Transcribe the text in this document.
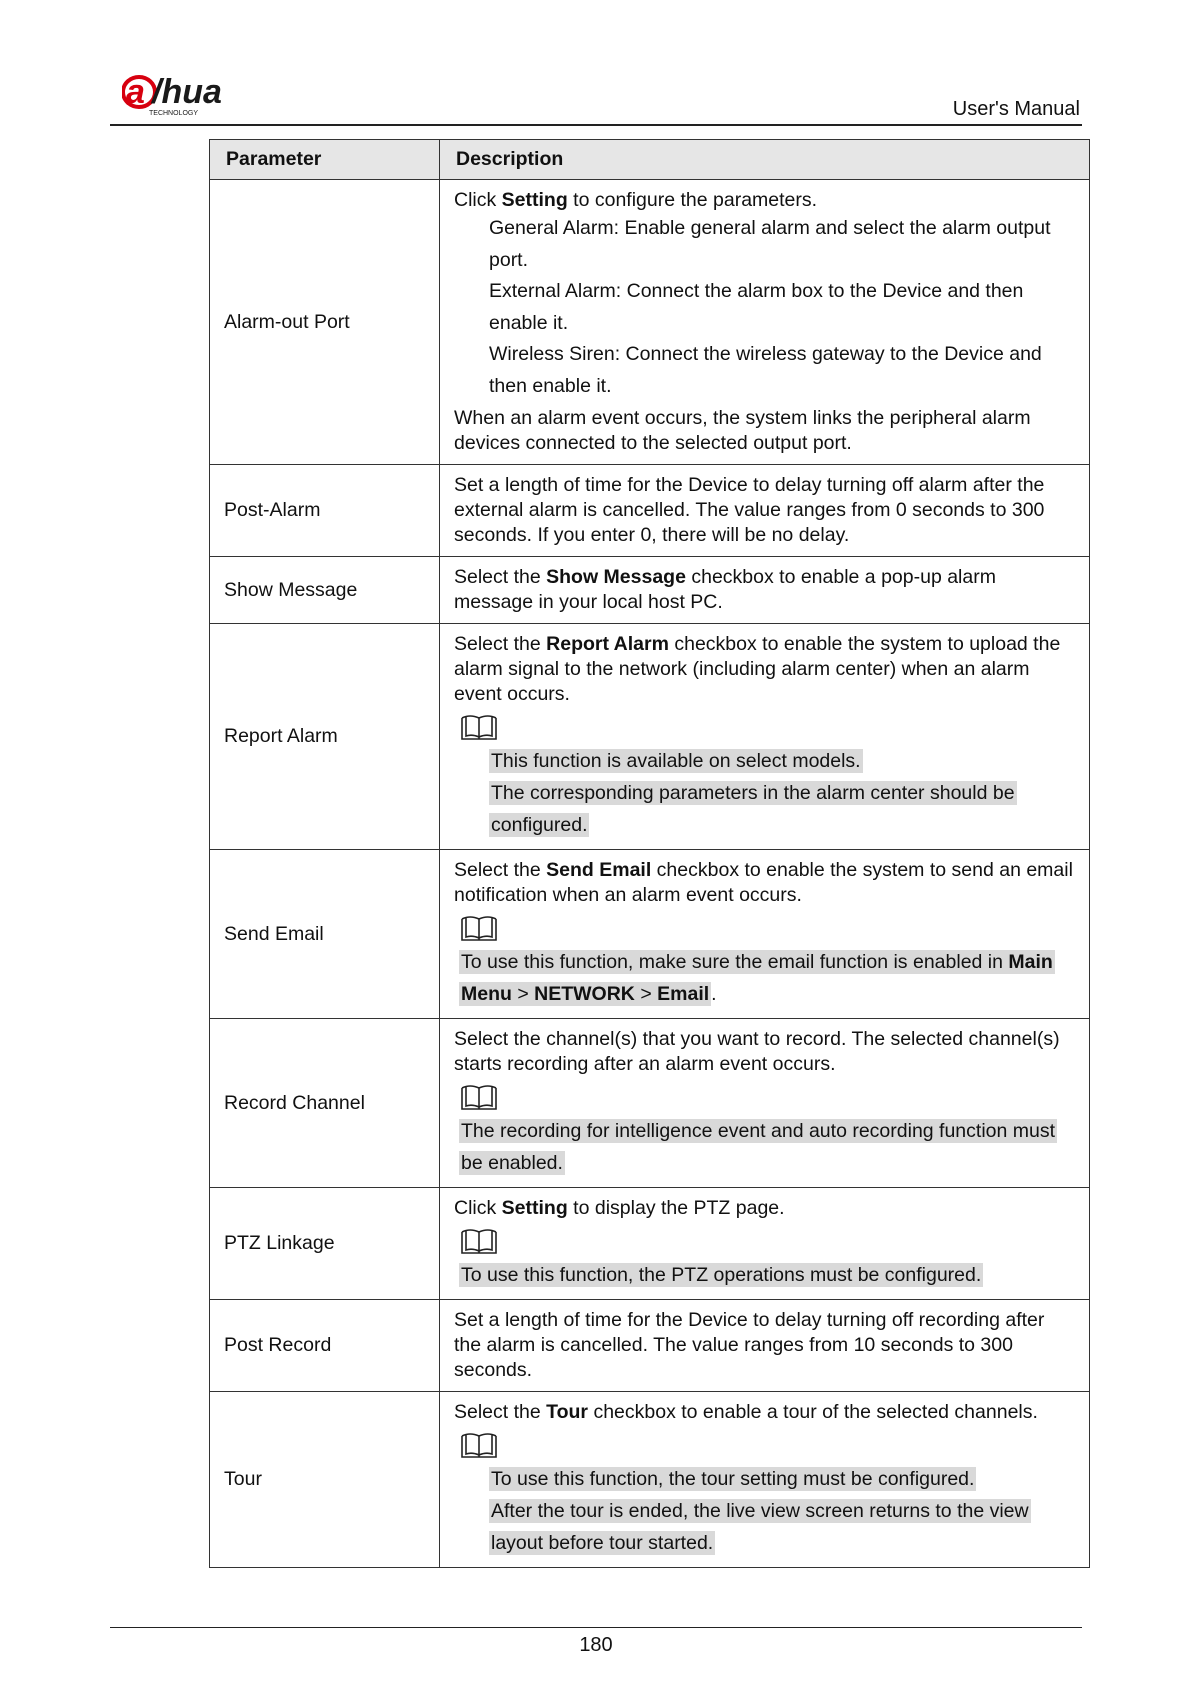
a /hua
TECHNOLOGY	User's Manual
Parameter	Description
Alarm-out Port	Click Setting to configure the parameters.

General Alarm: Enable general alarm and select the alarm output port.

External Alarm: Connect the alarm box to the Device and then enable it.

Wireless Siren: Connect the wireless gateway to the Device and then enable it.

When an alarm event occurs, the system links the peripheral alarm devices connected to the selected output port.

Post-Alarm	Set a length of time for the Device to delay turning off alarm after the external alarm is cancelled. The value ranges from 0 seconds to 300 seconds. If you enter 0, there will be no delay.
Show Message	Select the Show Message checkbox to enable a pop-up alarm message in your local host PC.
Report Alarm	Select the Report Alarm checkbox to enable the system to upload the alarm signal to the network (including alarm center) when an alarm event occurs.

This function is available on select models.
The corresponding parameters in the alarm center should be configured.

Send Email	Select the Send Email checkbox to enable the system to send an email notification when an alarm event occurs.

To use this function, make sure the email function is enabled in Main Menu > NETWORK > Email .

Record Channel	Select the channel(s) that you want to record. The selected channel(s) starts recording after an alarm event occurs.

The recording for intelligence event and auto recording function must be enabled.

PTZ Linkage	Click Setting to display the PTZ page.

To use this function, the PTZ operations must be configured.

Post Record	Set a length of time for the Device to delay turning off recording after the alarm is cancelled. The value ranges from 10 seconds to 300 seconds.
Tour	Select the Tour checkbox to enable a tour of the selected channels.

To use this function, the tour setting must be configured.
After the tour is ended, the live view screen returns to the view layout before tour started.
180
